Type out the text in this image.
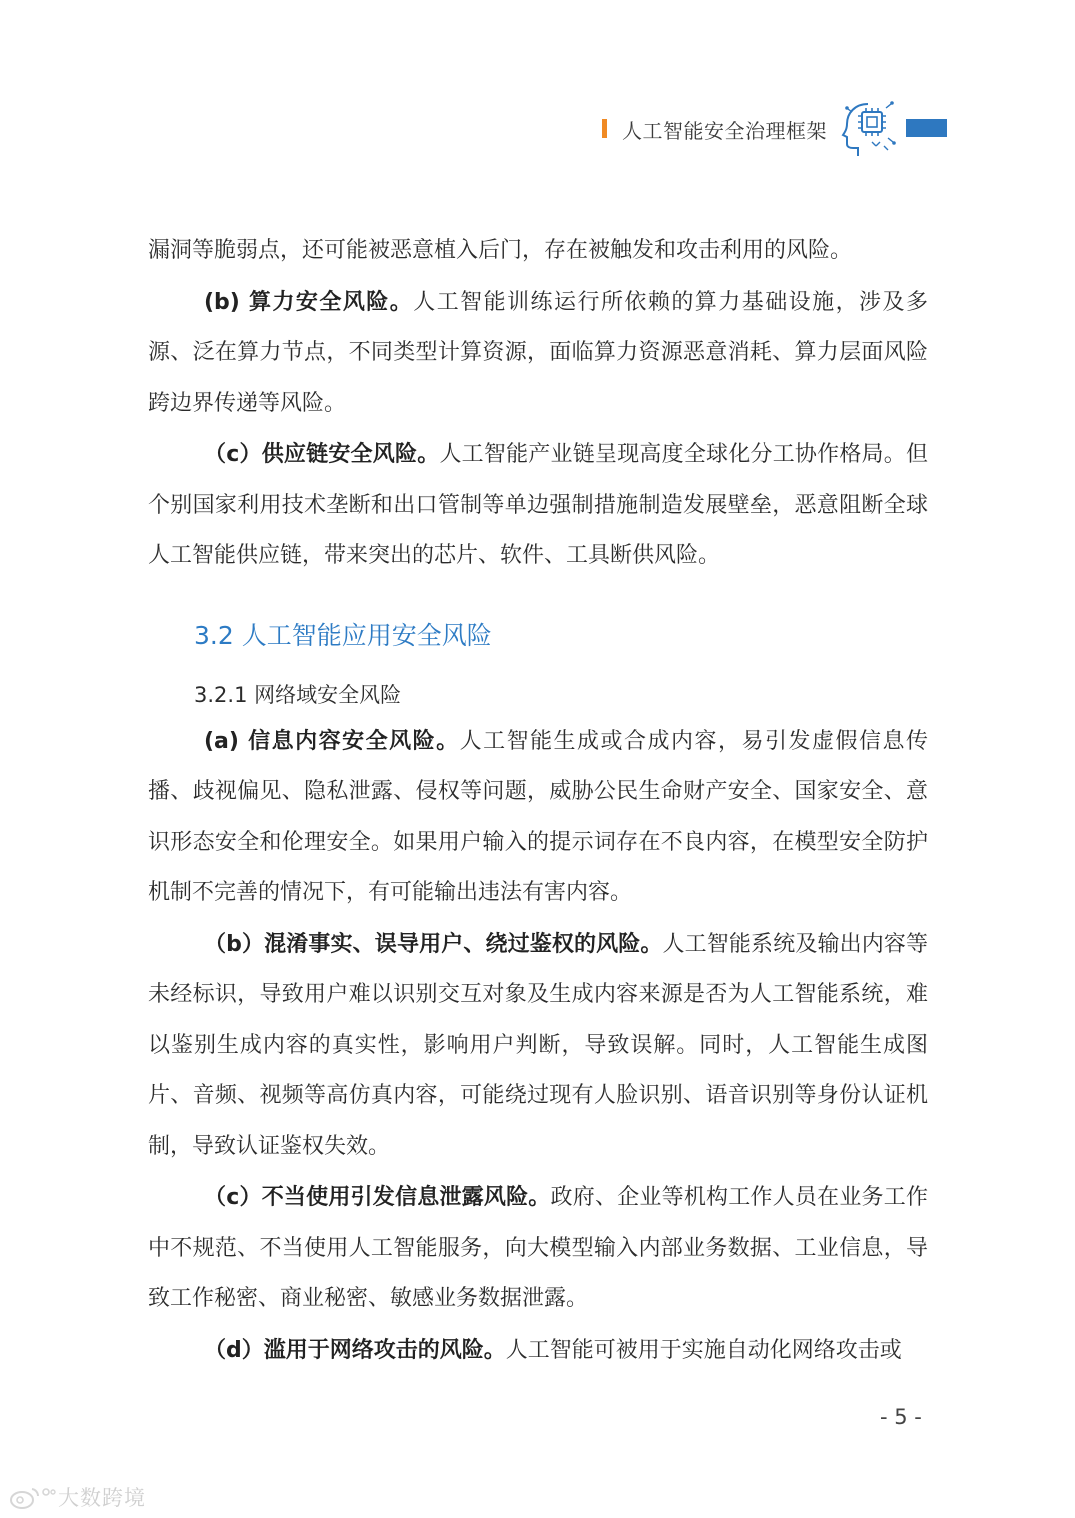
人工智能安全治理框架

漏洞等脆弱点，还可能被恶意植入后门，存在被触发和攻击利用的风险。

(b) 算力安全风险。人工智能训练运行所依赖的算力基础设施，涉及多源、泛在算力节点，不同类型计算资源，面临算力资源恶意消耗、算力层面风险跨边界传递等风险。

（c）供应链安全风险。人工智能产业链呈现高度全球化分工协作格局。但个别国家利用技术垄断和出口管制等单边强制措施制造发展壁垒，恶意阻断全球人工智能供应链，带来突出的芯片、软件、工具断供风险。

3.2 人工智能应用安全风险
3.2.1 网络域安全风险

(a) 信息内容安全风险。人工智能生成或合成内容，易引发虚假信息传播、歧视偏见、隐私泄露、侵权等问题，威胁公民生命财产安全、国家安全、意识形态安全和伦理安全。如果用户输入的提示词存在不良内容，在模型安全防护机制不完善的情况下，有可能输出违法有害内容。

（b）混淆事实、误导用户、绕过鉴权的风险。人工智能系统及输出内容等未经标识，导致用户难以识别交互对象及生成内容来源是否为人工智能系统，难以鉴别生成内容的真实性，影响用户判断，导致误解。同时，人工智能生成图片、音频、视频等高仿真内容，可能绕过现有人脸识别、语音识别等身份认证机制，导致认证鉴权失效。

（c）不当使用引发信息泄露风险。政府、企业等机构工作人员在业务工作中不规范、不当使用人工智能服务，向大模型输入内部业务数据、工业信息，导致工作秘密、商业秘密、敏感业务数据泄露。

（d）滥用于网络攻击的风险。人工智能可被用于实施自动化网络攻击或

- 5 -
大数跨境
